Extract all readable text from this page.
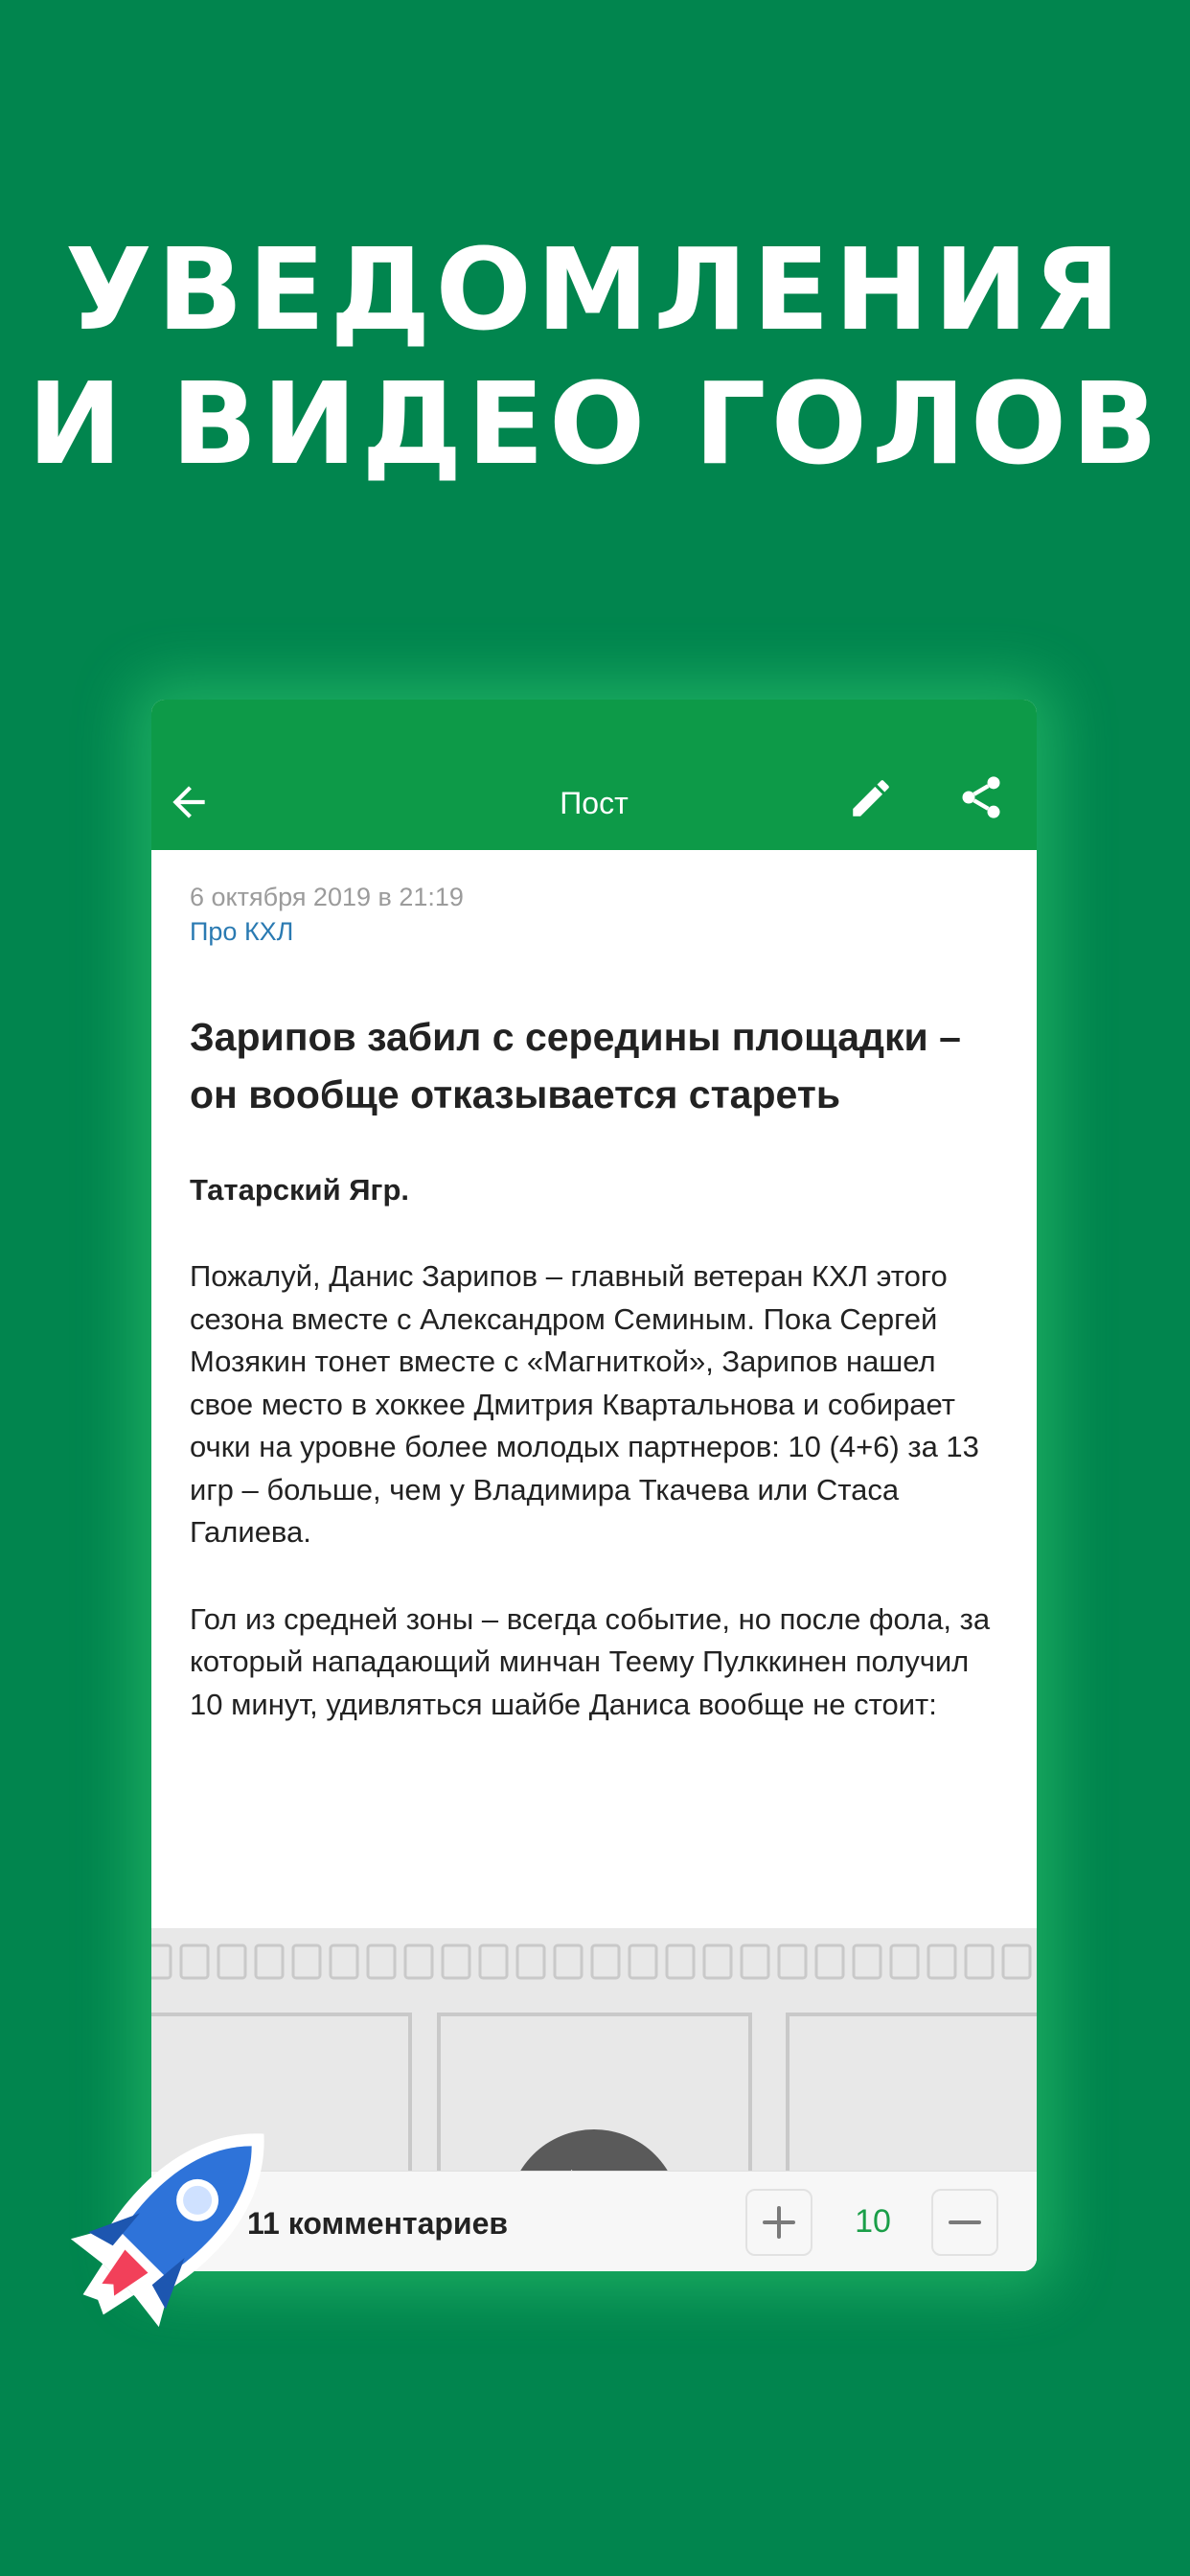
УВЕДОМЛЕНИЯ
И ВИДЕО ГОЛОВ
Пост
6 октября 2019 в 21:19
Про КХЛ
Зарипов забил с середины площадки – он вообще отказывается стареть
Татарский Ягр.
Пожалуй, Данис Зарипов – главный ветеран КХЛ этого сезона вместе с Александром Семиным. Пока Сергей Мозякин тонет вместе с «Магниткой», Зарипов нашел свое место в хоккее Дмитрия Квартальнова и собирает очки на уровне более молодых партнеров: 10 (4+6) за 13 игр – больше, чем у Владимира Ткачева или Стаса Галиева.
Гол из средней зоны – всегда событие, но после фола, за который нападающий минчан Теему Пулккинен получил 10 минут, удивляться шайбе Даниса вообще не стоит:
11 комментариев	10
